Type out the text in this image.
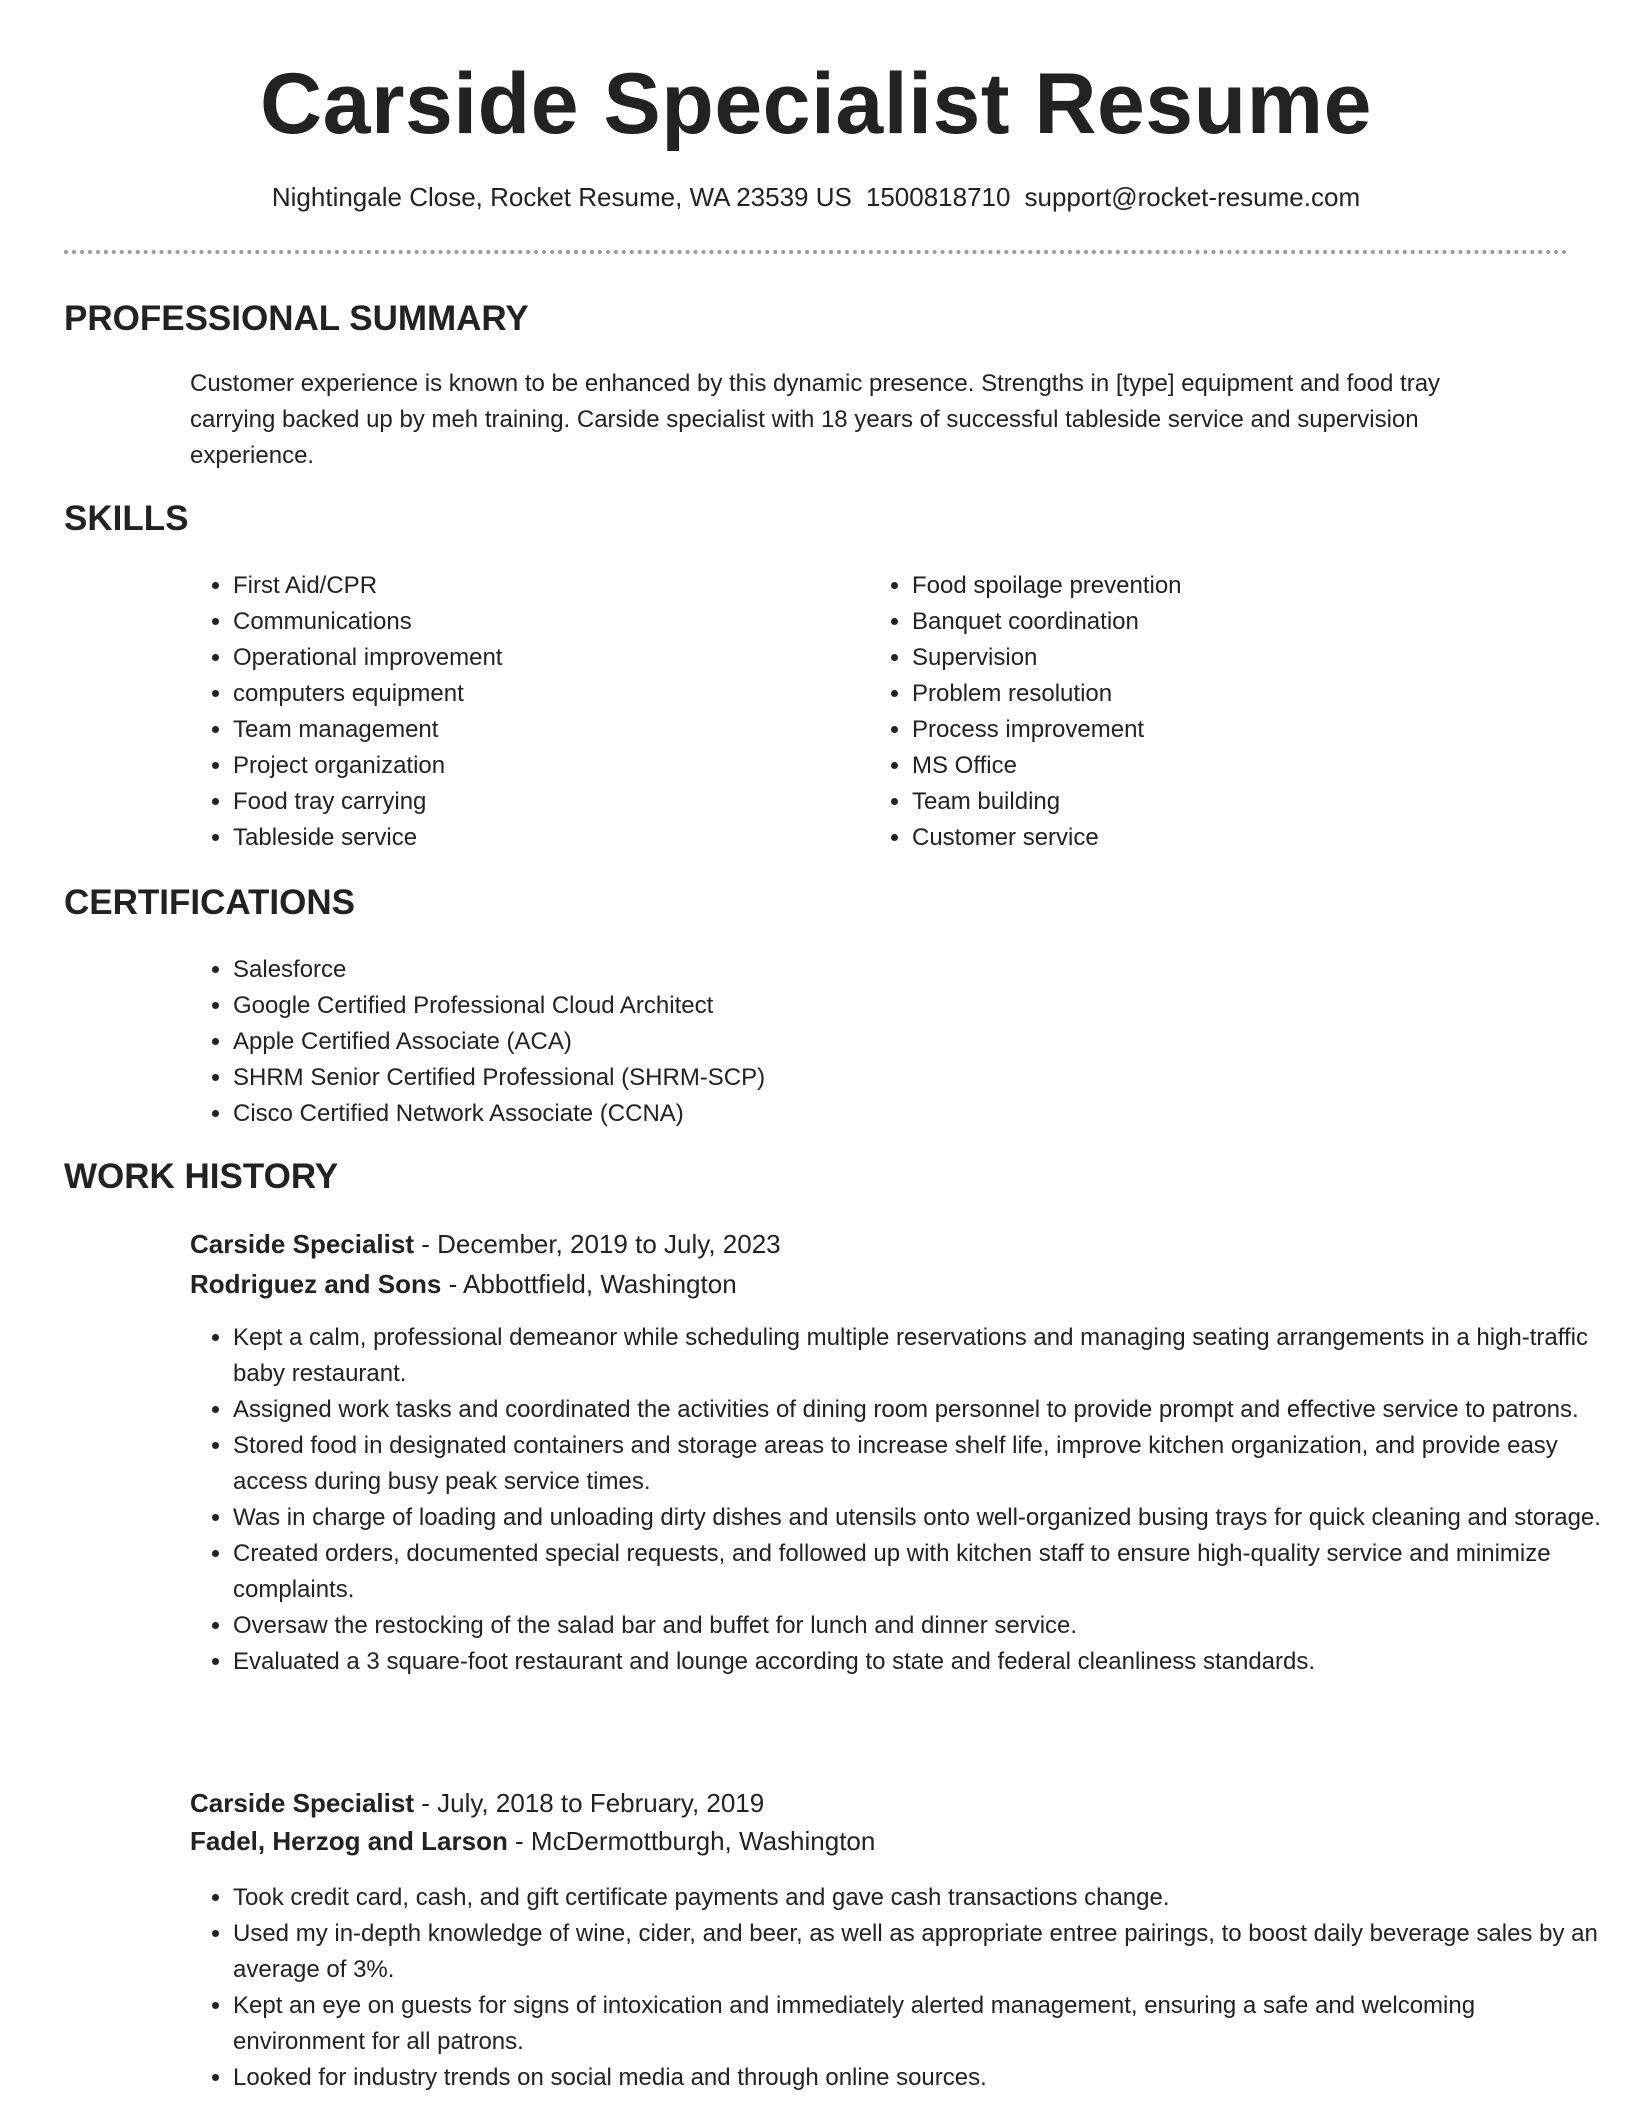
Carside Specialist Resume
Nightingale Close, Rocket Resume, WA 23539 US 1500818710 support@rocket-resume.com
PROFESSIONAL SUMMARY

Customer experience is known to be enhanced by this dynamic presence. Strengths in [type] equipment and food tray carrying backed up by meh training. Carside specialist with 18 years of successful tableside service and supervision experience.

SKILLS
• First Aid/CPR
• Communications
• Operational improvement
• computers equipment
• Team management
• Project organization
• Food tray carrying
• Tableside service
• Food spoilage prevention
• Banquet coordination
• Supervision
• Problem resolution
• Process improvement
• MS Office
• Team building
• Customer service
CERTIFICATIONS
• Salesforce
• Google Certified Professional Cloud Architect
• Apple Certified Associate (ACA)
• SHRM Senior Certified Professional (SHRM-SCP)
• Cisco Certified Network Associate (CCNA)
WORK HISTORY
Carside Specialist - December, 2019 to July, 2023
Rodriguez and Sons - Abbottfield, Washington
• Kept a calm, professional demeanor while scheduling multiple reservations and managing seating arrangements in a high-traffic baby restaurant.
• Assigned work tasks and coordinated the activities of dining room personnel to provide prompt and effective service to patrons.
• Stored food in designated containers and storage areas to increase shelf life, improve kitchen organization, and provide easy access during busy peak service times.
• Was in charge of loading and unloading dirty dishes and utensils onto well-organized busing trays for quick cleaning and storage.
• Created orders, documented special requests, and followed up with kitchen staff to ensure high-quality service and minimize complaints.
• Oversaw the restocking of the salad bar and buffet for lunch and dinner service.
• Evaluated a 3 square-foot restaurant and lounge according to state and federal cleanliness standards.
Carside Specialist - July, 2018 to February, 2019
Fadel, Herzog and Larson - McDermottburgh, Washington
• Took credit card, cash, and gift certificate payments and gave cash transactions change.
• Used my in-depth knowledge of wine, cider, and beer, as well as appropriate entree pairings, to boost daily beverage sales by an average of 3%.
• Kept an eye on guests for signs of intoxication and immediately alerted management, ensuring a safe and welcoming environment for all patrons.
• Looked for industry trends on social media and through online sources.
